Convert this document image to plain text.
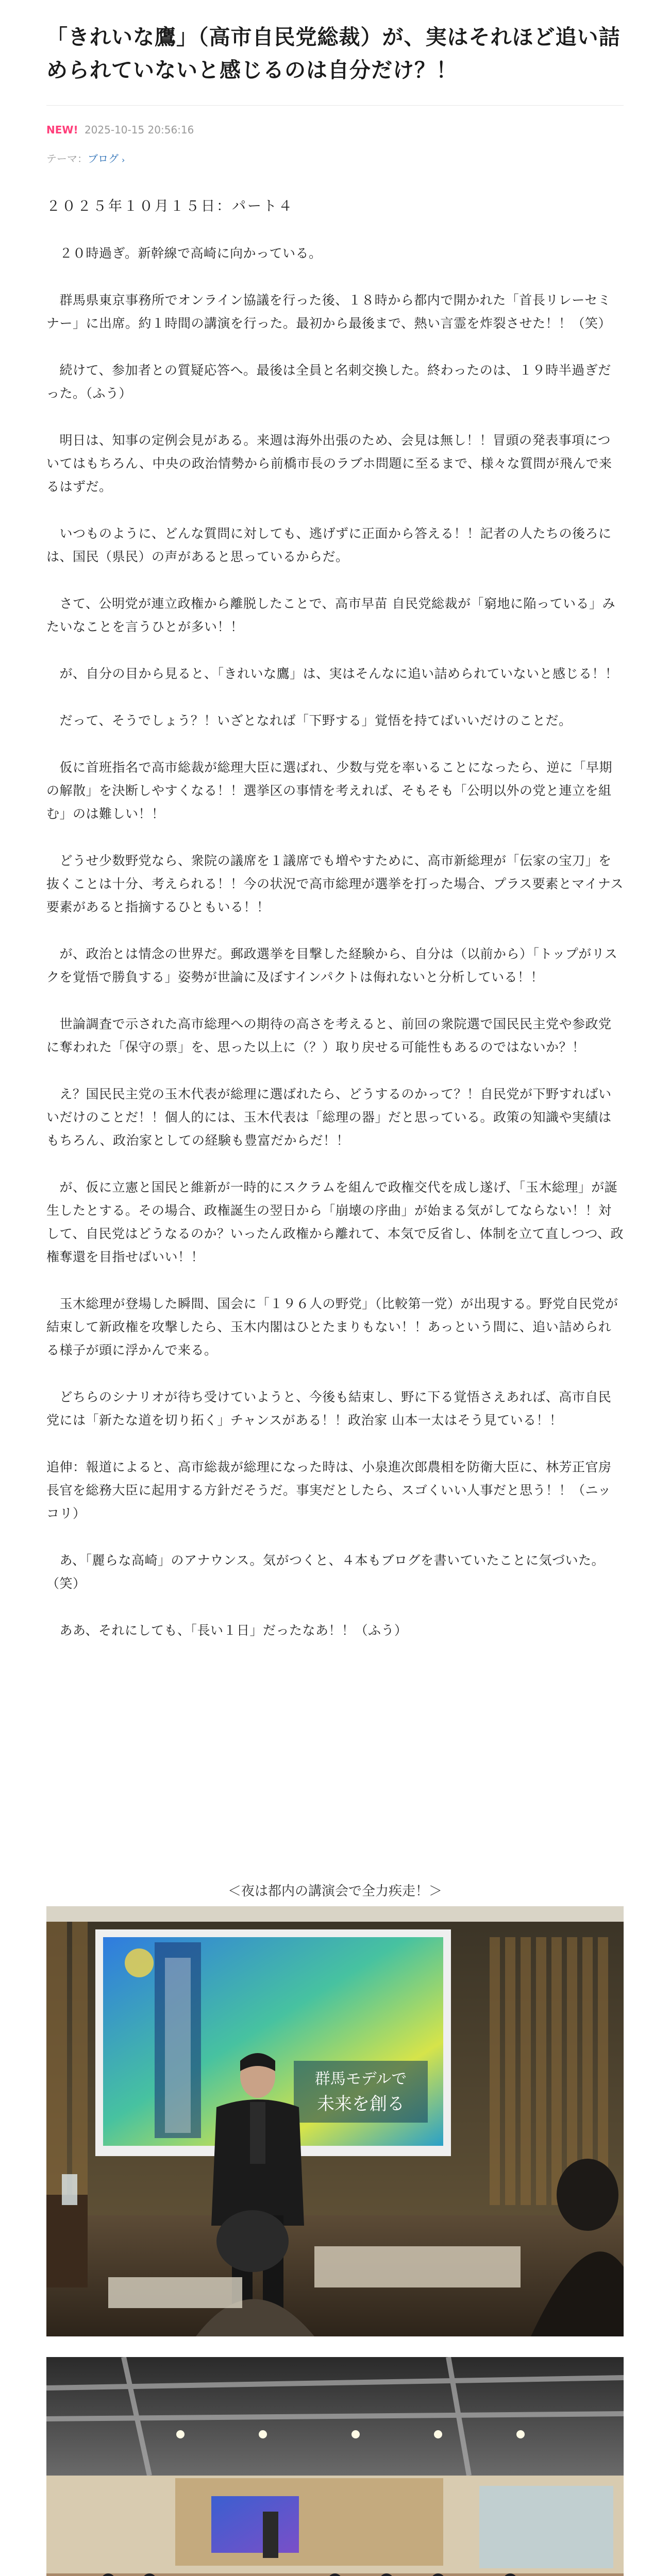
「きれいな鷹」（高市自民党総裁）が、実はそれほど追い詰められていないと感じるのは自分だけ？！
NEW! 2025-10-15 20:56:16
テーマ：ブログ ›

２０２５年１０月１５日：パート４

　２０時過ぎ。新幹線で高崎に向かっている。

　群馬県東京事務所でオンライン協議を行った後、１８時から都内で開かれた「首長リレーセミナー」に出席。約１時間の講演を行った。最初から最後まで、熱い言霊を炸裂させた！！（笑）

　続けて、参加者との質疑応答へ。最後は全員と名刺交換した。終わったのは、１９時半過ぎだった。（ふう）

　明日は、知事の定例会見がある。来週は海外出張のため、会見は無し！！冒頭の発表事項についてはもちろん、中央の政治情勢から前橋市長のラブホ問題に至るまで、様々な質問が飛んで来るはずだ。

　いつものように、どんな質問に対しても、逃げずに正面から答える！！記者の人たちの後ろには、国民（県民）の声があると思っているからだ。

　さて、公明党が連立政権から離脱したことで、高市早苗 自民党総裁が「窮地に陥っている」みたいなことを言うひとが多い！！

　が、自分の目から見ると、「きれいな鷹」は、実はそんなに追い詰められていないと感じる！！

　だって、そうでしょう？！いざとなれば「下野する」覚悟を持てばいいだけのことだ。

　仮に首班指名で高市総裁が総理大臣に選ばれ、少数与党を率いることになったら、逆に「早期の解散」を決断しやすくなる！！選挙区の事情を考えれば、そもそも「公明以外の党と連立を組む」のは難しい！！

　どうせ少数野党なら、衆院の議席を１議席でも増やすために、高市新総理が「伝家の宝刀」を抜くことは十分、考えられる！！今の状況で高市総理が選挙を打った場合、プラス要素とマイナス要素があると指摘するひともいる！！

　が、政治とは情念の世界だ。郵政選挙を目撃した経験から、自分は（以前から）「トップがリスクを覚悟で勝負する」姿勢が世論に及ぼすインパクトは侮れないと分析している！！

　世論調査で示された高市総理への期待の高さを考えると、前回の衆院選で国民民主党や参政党に奪われた「保守の票」を、思った以上に（？）取り戻せる可能性もあるのではないか？！

　え？国民民主党の玉木代表が総理に選ばれたら、どうするのかって？！自民党が下野すればいいだけのことだ！！個人的には、玉木代表は「総理の器」だと思っている。政策の知識や実績はもちろん、政治家としての経験も豊富だからだ！！

　が、仮に立憲と国民と維新が一時的にスクラムを組んで政権交代を成し遂げ、「玉木総理」が誕生したとする。その場合、政権誕生の翌日から「崩壊の序曲」が始まる気がしてならない！！対して、自民党はどうなるのか？いったん政権から離れて、本気で反省し、体制を立て直しつつ、政権奪還を目指せばいい！！

　玉木総理が登場した瞬間、国会に「１９６人の野党」（比較第一党）が出現する。野党自民党が結束して新政権を攻撃したら、玉木内閣はひとたまりもない！！あっという間に、追い詰められる様子が頭に浮かんで来る。

　どちらのシナリオが待ち受けていようと、今後も結束し、野に下る覚悟さえあれば、高市自民党には「新たな道を切り拓く」チャンスがある！！政治家 山本一太はそう見ている！！

追伸：報道によると、高市総裁が総理になった時は、小泉進次郎農相を防衛大臣に、林芳正官房長官を総務大臣に起用する方針だそうだ。事実だとしたら、スゴくいい人事だと思う！！（ニッコリ）

　あ、「麗らな高崎」のアナウンス。気がつくと、４本もブログを書いていたことに気づいた。（笑）

　ああ、それにしても、「長い１日」だったなあ！！（ふう）

＜夜は都内の講演会で全力疾走！＞
群馬モデルで
未来を創る
